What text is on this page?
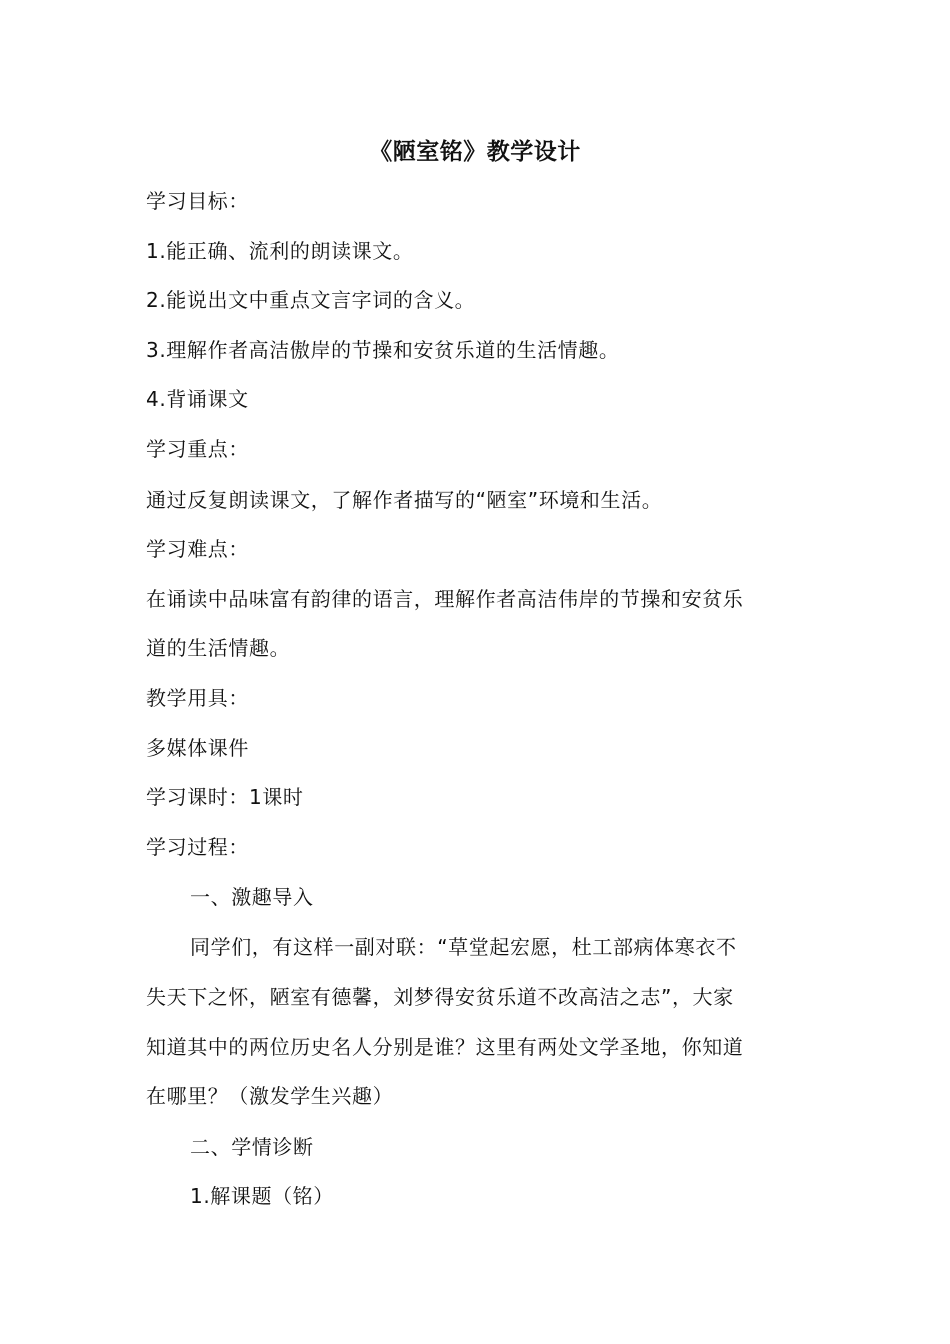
《陋室铭》教学设计
学习目标：
1.能正确、流利的朗读课文。
2.能说出文中重点文言字词的含义。
3.理解作者高洁傲岸的节操和安贫乐道的生活情趣。
4.背诵课文
学习重点：
通过反复朗读课文，了解作者描写的“陋室”环境和生活。
学习难点：
在诵读中品味富有韵律的语言，理解作者高洁伟岸的节操和安贫乐
道的生活情趣。
教学用具：
多媒体课件
学习课时：1课时
学习过程：
一、激趣导入
同学们，有这样一副对联：“草堂起宏愿，杜工部病体寒衣不
失天下之怀，陋室有德馨，刘梦得安贫乐道不改高洁之志”，大家
知道其中的两位历史名人分别是谁？这里有两处文学圣地，你知道
在哪里？（激发学生兴趣）
二、学情诊断
1.解课题（铭）
